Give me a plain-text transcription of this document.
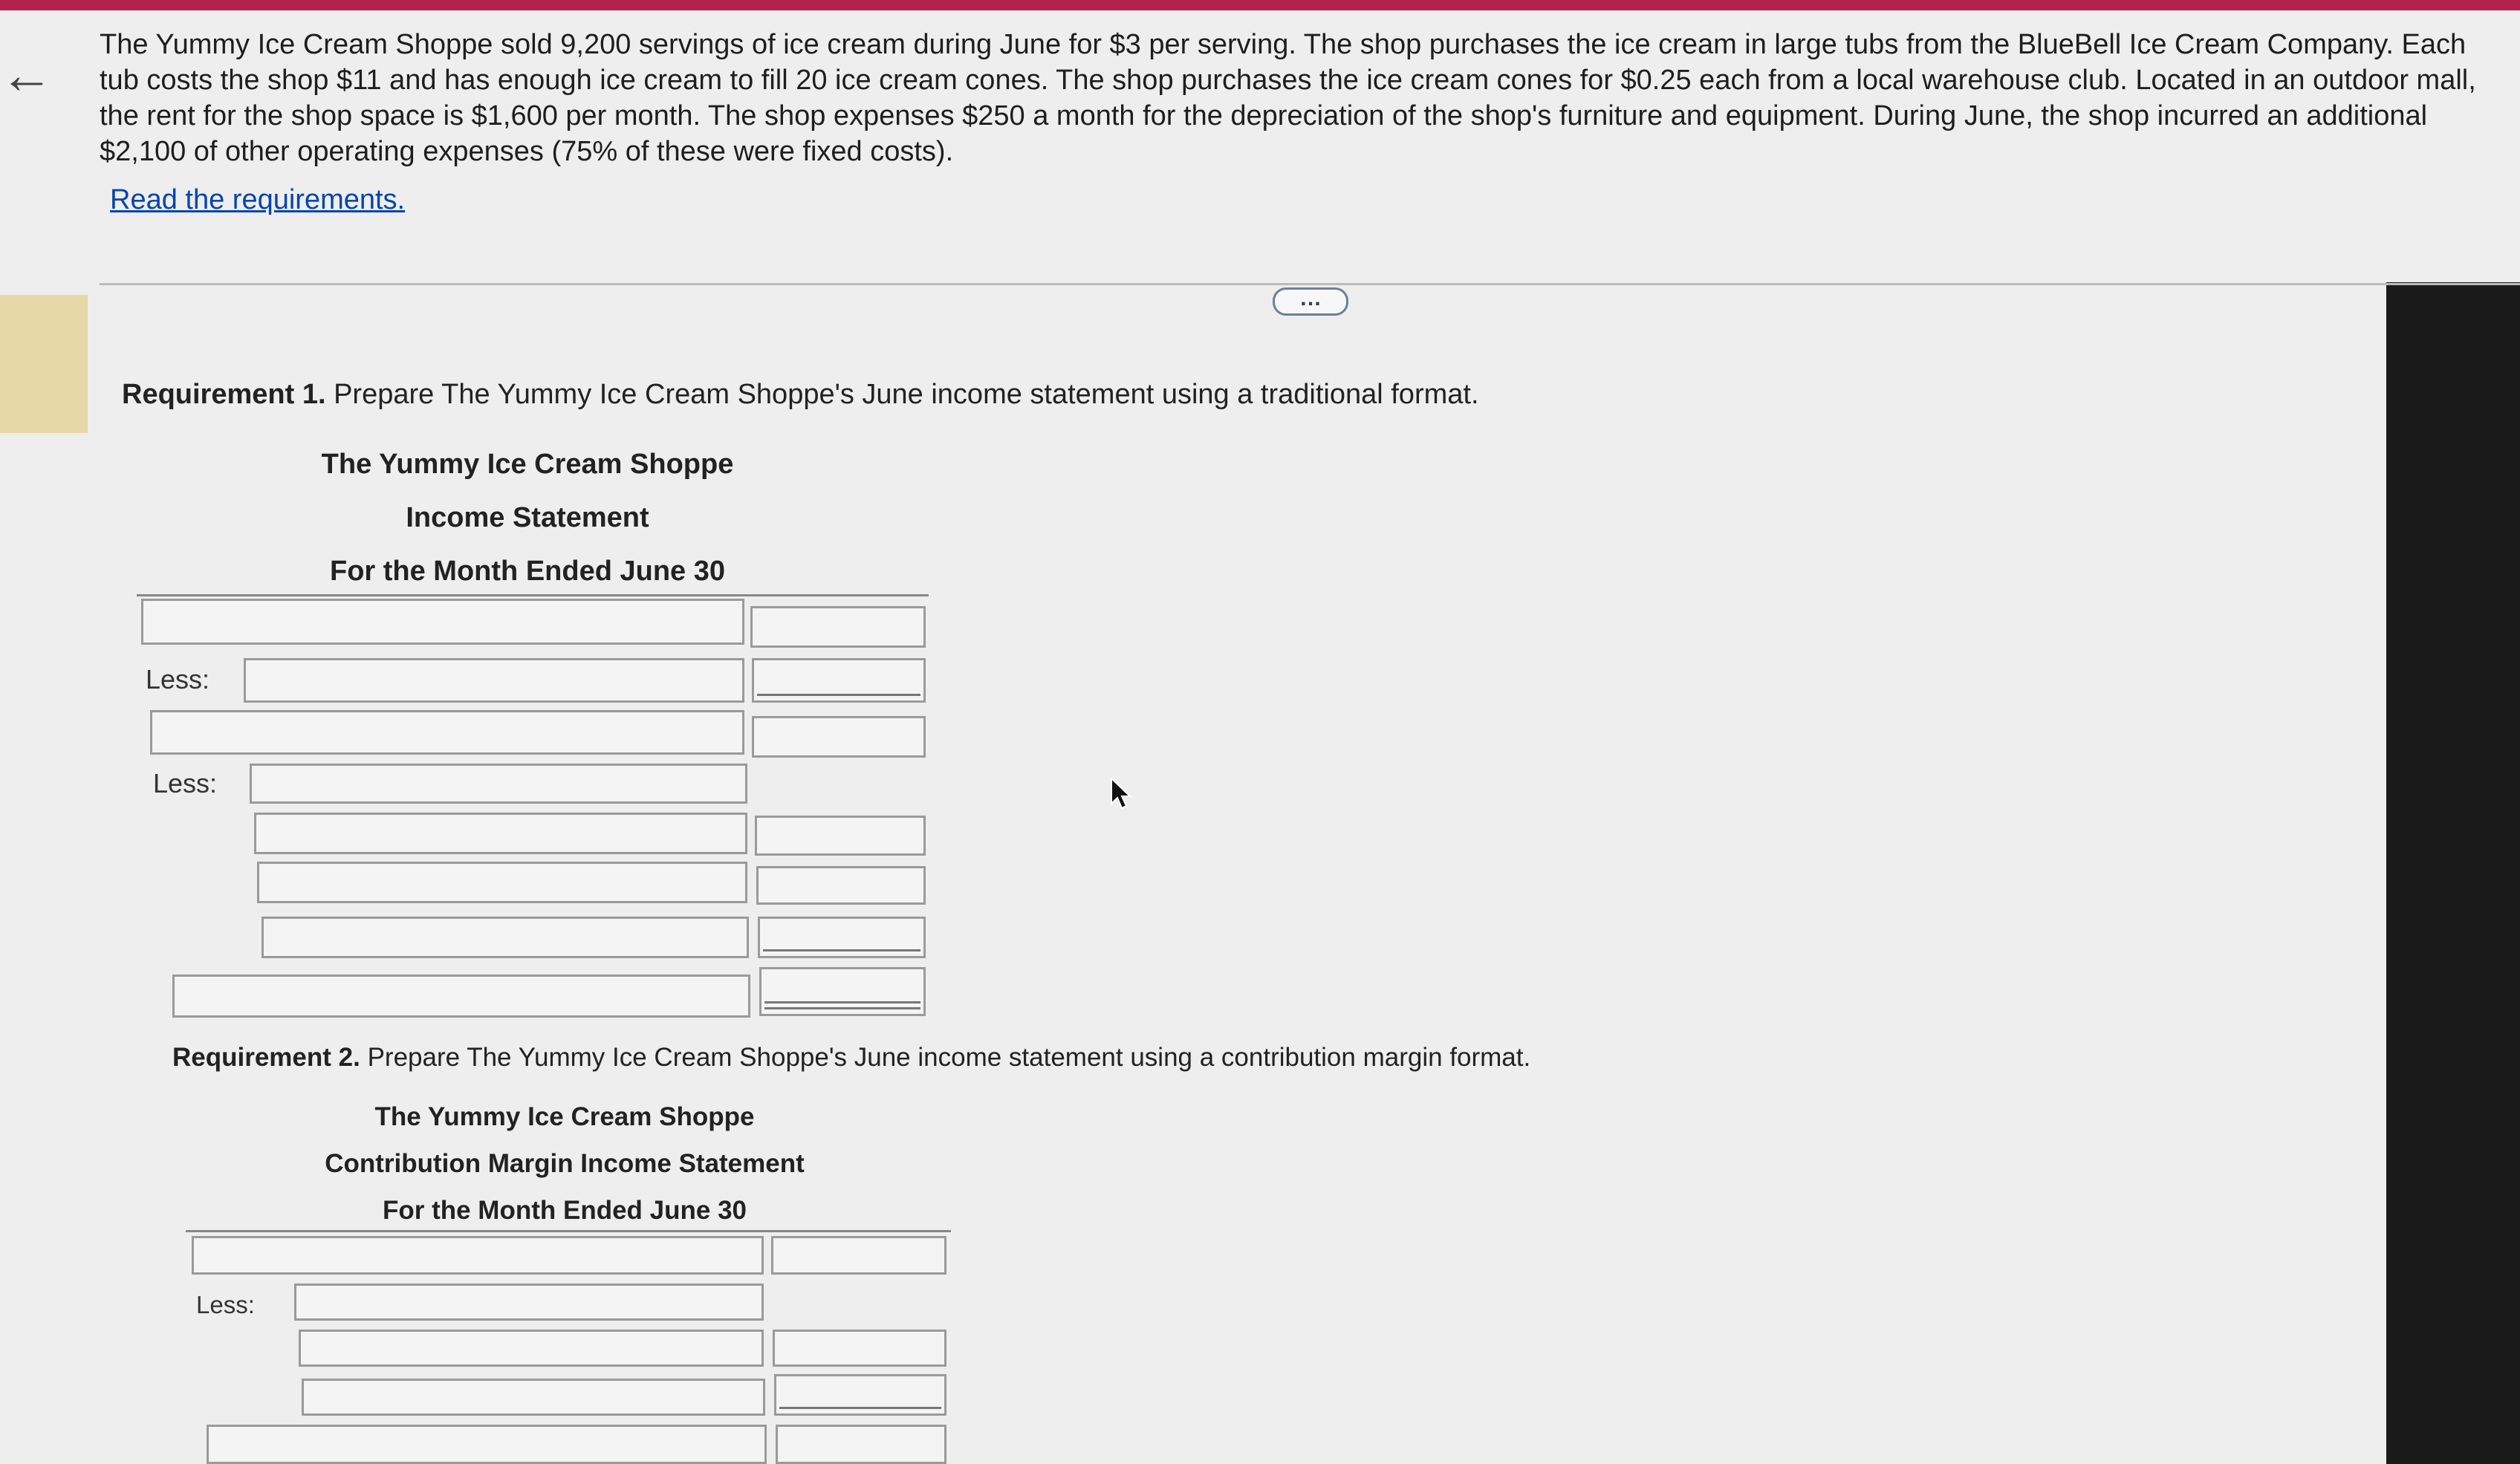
←
The Yummy Ice Cream Shoppe sold 9,200 servings of ice cream during June for $3 per serving. The shop purchases the ice cream in large tubs from the BlueBell Ice Cream Company. Each tub costs the shop $11 and has enough ice cream to fill 20 ice cream cones. The shop purchases the ice cream cones for $0.25 each from a local warehouse club. Located in an outdoor mall, the rent for the shop space is $1,600 per month. The shop expenses $250 a month for the depreciation of the shop's furniture and equipment. During June, the shop incurred an additional $2,100 of other operating expenses (75% of these were fixed costs).
Read the requirements.
…
Requirement 1. Prepare The Yummy Ice Cream Shoppe's June income statement using a traditional format.
The Yummy Ice Cream Shoppe
Income Statement
For the Month Ended June 30
Less:
Less:
Requirement 2. Prepare The Yummy Ice Cream Shoppe's June income statement using a contribution margin format.
The Yummy Ice Cream Shoppe
Contribution Margin Income Statement
For the Month Ended June 30
Less:
